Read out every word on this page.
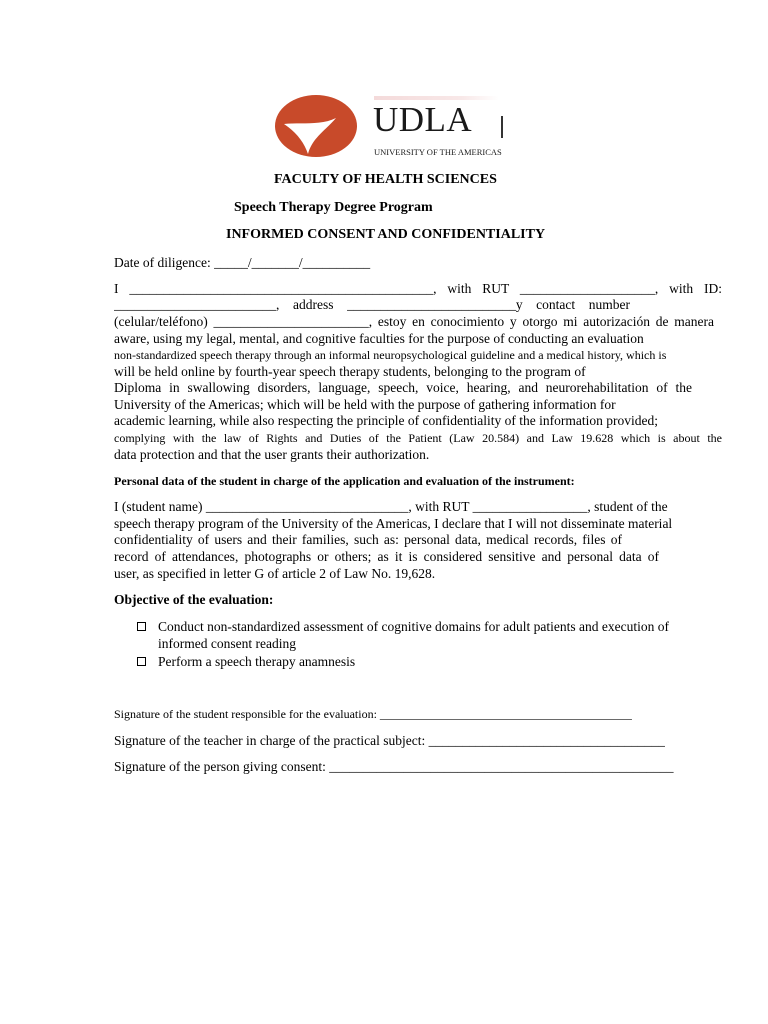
UDLA
UNIVERSITY OF THE AMERICAS
FACULTY OF HEALTH SCIENCES
Speech Therapy Degree Program
INFORMED CONSENT AND CONFIDENTIALITY
Date of diligence: _____/_______/__________
I _____________________________________________, with RUT ____________________, with ID:
________________________, address _________________________y contact number
(celular/teléfono) _______________________, estoy en conocimiento y otorgo mi autorización de manera
aware, using my legal, mental, and cognitive faculties for the purpose of conducting an evaluation
non-standardized speech therapy through an informal neuropsychological guideline and a medical history, which is
will be held online by fourth-year speech therapy students, belonging to the program of
Diploma in swallowing disorders, language, speech, voice, hearing, and neurorehabilitation of the
University of the Americas; which will be held with the purpose of gathering information for
academic learning, while also respecting the principle of confidentiality of the information provided;
complying with the law of Rights and Duties of the Patient (Law 20.584) and Law 19.628 which is about the
data protection and that the user grants their authorization.
Personal data of the student in charge of the application and evaluation of the instrument:
I (student name) ______________________________, with RUT _________________, student of the
speech therapy program of the University of the Americas, I declare that I will not disseminate material
confidentiality of users and their families, such as: personal data, medical records, files of
record of attendances, photographs or others; as it is considered sensitive and personal data of
user, as specified in letter G of article 2 of Law No. 19,628.
Objective of the evaluation:
Conduct non-standardized assessment of cognitive domains for adult patients and execution of
informed consent reading
Perform a speech therapy anamnesis
Signature of the student responsible for the evaluation: __________________________________________
Signature of the teacher in charge of the practical subject: ___________________________________
Signature of the person giving consent: ___________________________________________________
